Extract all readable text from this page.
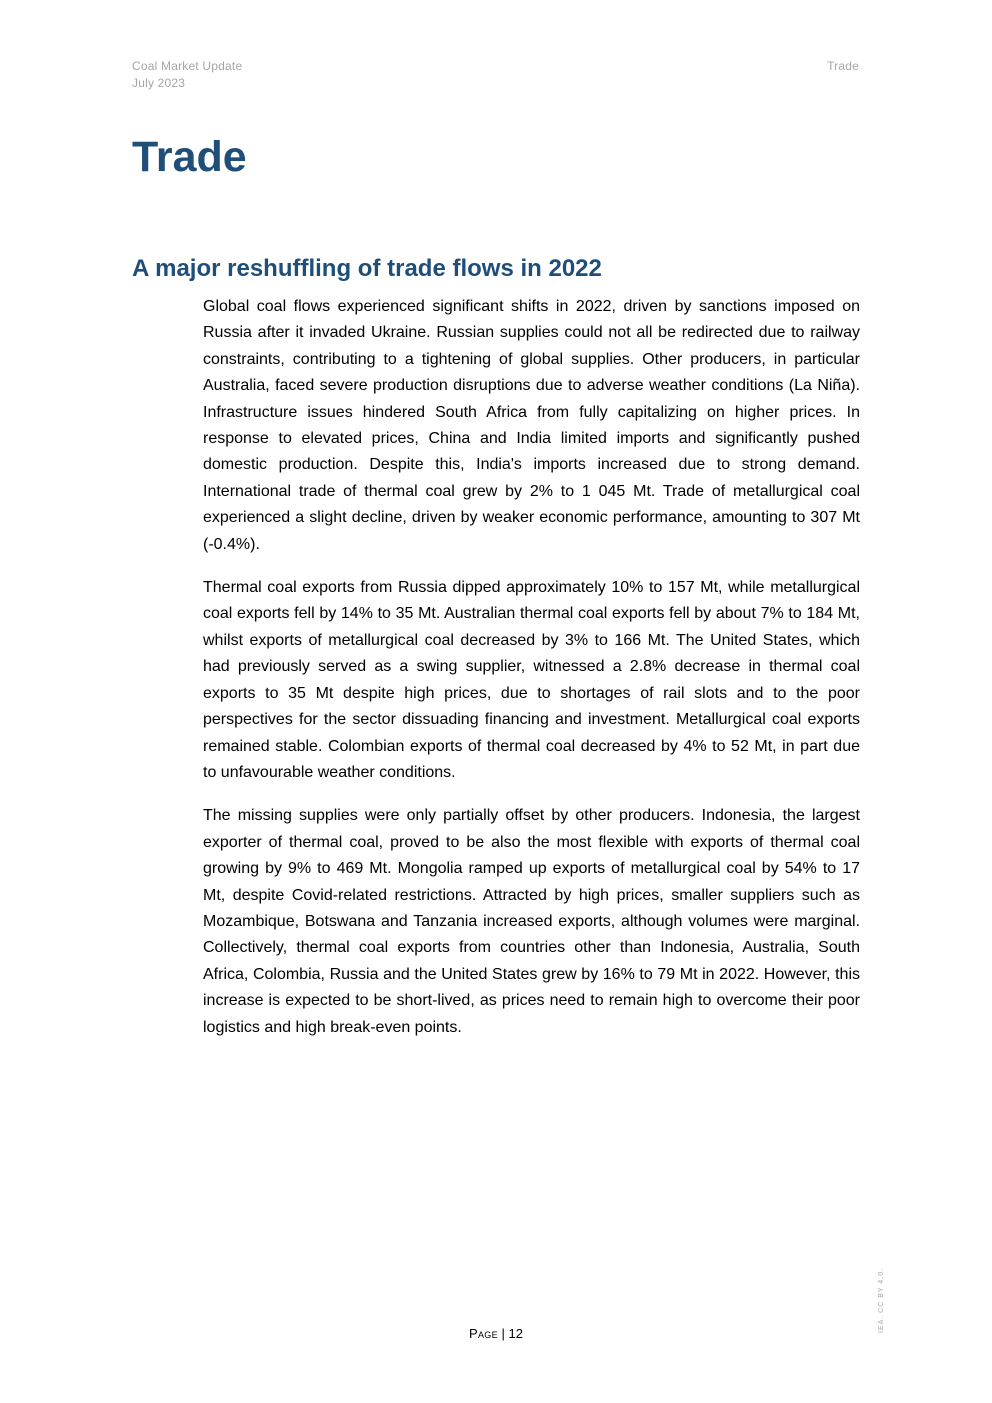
Coal Market Update
July 2023
Trade
Trade
A major reshuffling of trade flows in 2022

Global coal flows experienced significant shifts in 2022, driven by sanctions imposed on Russia after it invaded Ukraine. Russian supplies could not all be redirected due to railway constraints, contributing to a tightening of global supplies. Other producers, in particular Australia, faced severe production disruptions due to adverse weather conditions (La Niña). Infrastructure issues hindered South Africa from fully capitalizing on higher prices. In response to elevated prices, China and India limited imports and significantly pushed domestic production. Despite this, India's imports increased due to strong demand. International trade of thermal coal grew by 2% to 1 045 Mt. Trade of metallurgical coal experienced a slight decline, driven by weaker economic performance, amounting to 307 Mt (-0.4%).

Thermal coal exports from Russia dipped approximately 10% to 157 Mt, while metallurgical coal exports fell by 14% to 35 Mt. Australian thermal coal exports fell by about 7% to 184 Mt, whilst exports of metallurgical coal decreased by 3% to 166 Mt. The United States, which had previously served as a swing supplier, witnessed a 2.8% decrease in thermal coal exports to 35 Mt despite high prices, due to shortages of rail slots and to the poor perspectives for the sector dissuading financing and investment. Metallurgical coal exports remained stable. Colombian exports of thermal coal decreased by 4% to 52 Mt, in part due to unfavourable weather conditions.

The missing supplies were only partially offset by other producers. Indonesia, the largest exporter of thermal coal, proved to be also the most flexible with exports of thermal coal growing by 9% to 469 Mt. Mongolia ramped up exports of metallurgical coal by 54% to 17 Mt, despite Covid-related restrictions. Attracted by high prices, smaller suppliers such as Mozambique, Botswana and Tanzania increased exports, although volumes were marginal. Collectively, thermal coal exports from countries other than Indonesia, Australia, South Africa, Colombia, Russia and the United States grew by 16% to 79 Mt in 2022. However, this increase is expected to be short-lived, as prices need to remain high to overcome their poor logistics and high break-even points.

Page | 12
IEA. CC BY 4.0.
